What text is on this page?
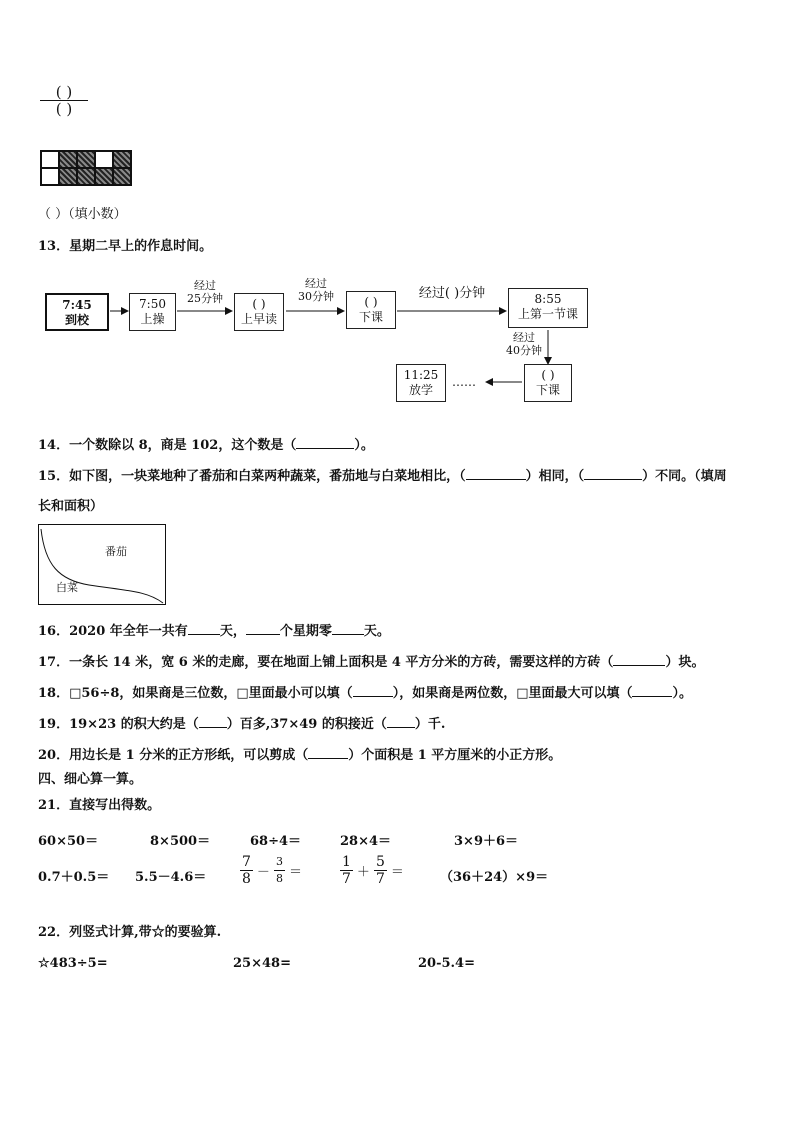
$\frac{( )}{( )}$
（ ）（填小数）
13．星期二早上的作息时间。
7:45
到校
7:50
上操
( )
上早读
( )
下课
8:55
上第一节课
( )
下课
11:25
放学
……
经过
25分钟
经过
30分钟	经过( )分钟
经过
40分钟
14．一个数除以 8，商是 102，这个数是（	）。
15．如下图，一块菜地种了番茄和白菜两种蔬菜，番茄地与白菜地相比，（	）相同，（	）不同。（填周
长和面积）
番茄
白菜
16．2020 年全年一共有 天，	个星期零 天。
17．一条长 14 米，宽 6 米的走廊，要在地面上铺上面积是 4 平方分米的方砖，需要这样的方砖（	）块。
18．□56÷8，如果商是三位数，□里面最小可以填（	），如果商是两位数，□里面最大可以填（	）。
19．19×23 的积大约是（ ）百多,37×49 的积接近（ ）千.
20．用边长是 1 分米的正方形纸，可以剪成（	）个面积是 1 平方厘米的小正方形。
四、细心算一算。
21．直接写出得数。
60×50＝	8×500＝	68÷4＝	28×4＝	3×9＋6＝
$0.7+0.5= 5.5-4.6= \frac{7}{8} - \frac{3}{8}$ ＝	$\frac{1}{7} + \frac{5}{7}$ ＝	（36＋24）×9＝
22．列竖式计算,带☆的要验算.
☆483÷5=	25×48=	20-5.4=
